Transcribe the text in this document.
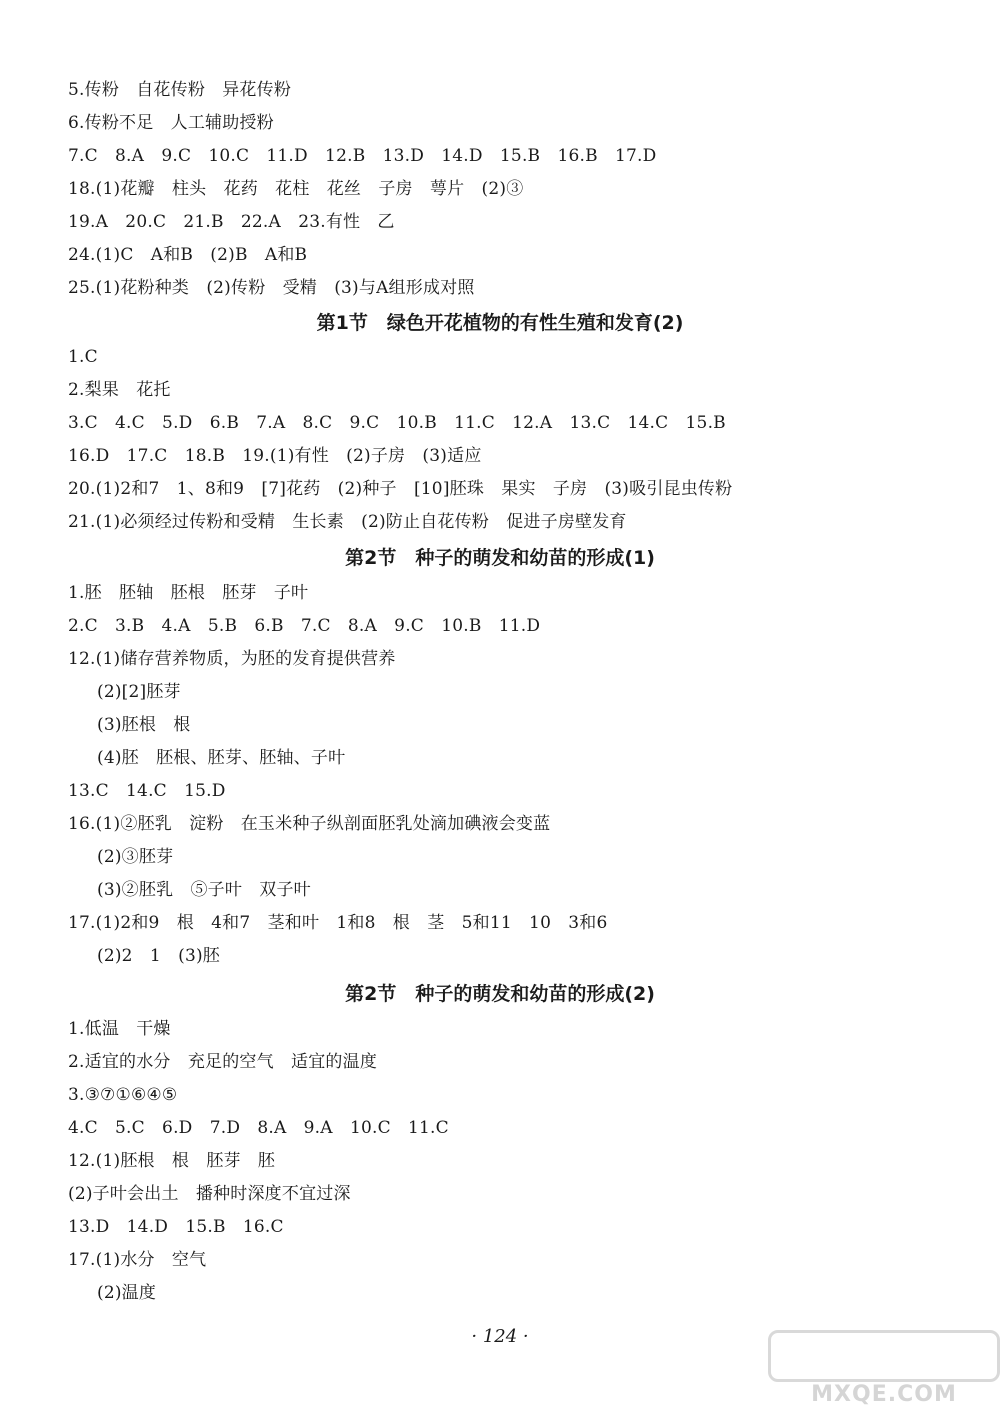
5.传粉　自花传粉　异花传粉
6.传粉不足　人工辅助授粉
7.C　8.A　9.C　10.C　11.D　12.B　13.D　14.D　15.B　16.B　17.D
18.(1)花瓣　柱头　花药　花柱　花丝　子房　萼片　(2)③
19.A　20.C　21.B　22.A　23.有性　乙
24.(1)C　A和B　(2)B　A和B
25.(1)花粉种类　(2)传粉　受精　(3)与A组形成对照
第1节　绿色开花植物的有性生殖和发育(2)
1.C
2.梨果　花托
3.C　4.C　5.D　6.B　7.A　8.C　9.C　10.B　11.C　12.A　13.C　14.C　15.B
16.D　17.C　18.B　19.(1)有性　(2)子房　(3)适应
20.(1)2和7　1、8和9　[7]花药　(2)种子　[10]胚珠　果实　子房　(3)吸引昆虫传粉
21.(1)必须经过传粉和受精　生长素　(2)防止自花传粉　促进子房壁发育
第2节　种子的萌发和幼苗的形成(1)
1.胚　胚轴　胚根　胚芽　子叶
2.C　3.B　4.A　5.B　6.B　7.C　8.A　9.C　10.B　11.D
12.(1)储存营养物质，为胚的发育提供营养
(2)[2]胚芽
(3)胚根　根
(4)胚　胚根、胚芽、胚轴、子叶
13.C　14.C　15.D
16.(1)②胚乳　淀粉　在玉米种子纵剖面胚乳处滴加碘液会变蓝
(2)③胚芽
(3)②胚乳　⑤子叶　双子叶
17.(1)2和9　根　4和7　茎和叶　1和8　根　茎　5和11　10　3和6
(2)2　1　(3)胚
第2节　种子的萌发和幼苗的形成(2)
1.低温　干燥
2.适宜的水分　充足的空气　适宜的温度
3.③⑦①⑥④⑤
4.C　5.C　6.D　7.D　8.A　9.A　10.C　11.C
12.(1)胚根　根　胚芽　胚
(2)子叶会出土　播种时深度不宜过深
13.D　14.D　15.B　16.C
17.(1)水分　空气
(2)温度
· 124 ·
MXQE.COM
